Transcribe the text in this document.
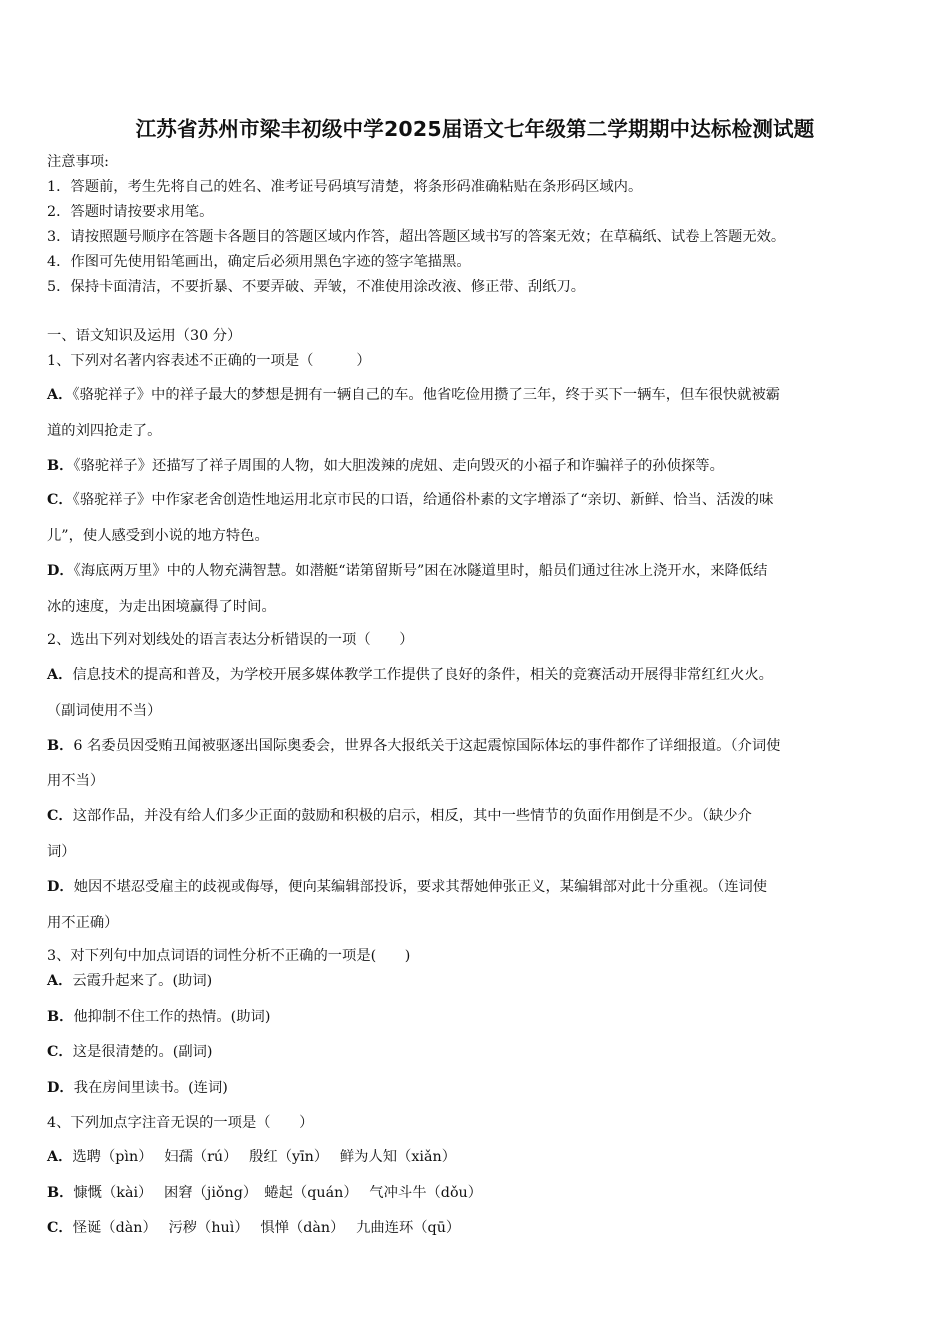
江苏省苏州市梁丰初级中学2025届语文七年级第二学期期中达标检测试题
注意事项:
1．答题前，考生先将自己的姓名、准考证号码填写清楚，将条形码准确粘贴在条形码区域内。
2．答题时请按要求用笔。
3．请按照题号顺序在答题卡各题目的答题区域内作答，超出答题区域书写的答案无效；在草稿纸、试卷上答题无效。
4．作图可先使用铅笔画出，确定后必须用黑色字迹的签字笔描黑。
5．保持卡面清洁，不要折暴、不要弄破、弄皱，不准使用涂改液、修正带、刮纸刀。
一、语文知识及运用（30 分）
1、下列对名著内容表述不正确的一项是（　　　）
A．《骆驼祥子》中的祥子最大的梦想是拥有一辆自己的车。他省吃俭用攒了三年，终于买下一辆车，但车很快就被霸
道的刘四抢走了。
B．《骆驼祥子》还描写了祥子周围的人物，如大胆泼辣的虎妞、走向毁灭的小福子和诈骗祥子的孙侦探等。
C．《骆驼祥子》中作家老舍创造性地运用北京市民的口语，给通俗朴素的文字增添了“亲切、新鲜、恰当、活泼的味
儿”，使人感受到小说的地方特色。
D．《海底两万里》中的人物充满智慧。如潜艇“诺第留斯号”困在冰隧道里时，船员们通过往冰上浇开水，来降低结
冰的速度，为走出困境赢得了时间。
2、选出下列对划线处的语言表达分析错误的一项（　　）
A．信息技术的提高和普及，为学校开展多媒体教学工作提供了良好的条件，相关的竞赛活动开展得非常红红火火。
（副词使用不当）
B．6 名委员因受贿丑闻被驱逐出国际奥委会，世界各大报纸关于这起震惊国际体坛的事件都作了详细报道。（介词使
用不当）
C．这部作品，并没有给人们多少正面的鼓励和积极的启示，相反，其中一些情节的负面作用倒是不少。（缺少介
词）
D．她因不堪忍受雇主的歧视或侮辱，便向某编辑部投诉，要求其帮她伸张正义，某编辑部对此十分重视。（连词使
用不正确）
3、对下列句中加点词语的词性分析不正确的一项是(　　)
A．云霞升起来了。(助词)
B．他抑制不住工作的热情。(助词)
C．这是很清楚的。(副词)
D．我在房间里读书。(连词)
4、下列加点字注音无误的一项是（　　）
A．选聘（pìn）　 妇孺（rú）　 殷红（yīn）　 鲜为人知（xiǎn）
B．慷慨（kài）　 困窘（jiǒng）　蜷起（quán）　 气冲斗牛（dǒu）
C．怪诞（dàn）　 污秽（huì）　 惧惮（dàn）　 九曲连环（qū）
